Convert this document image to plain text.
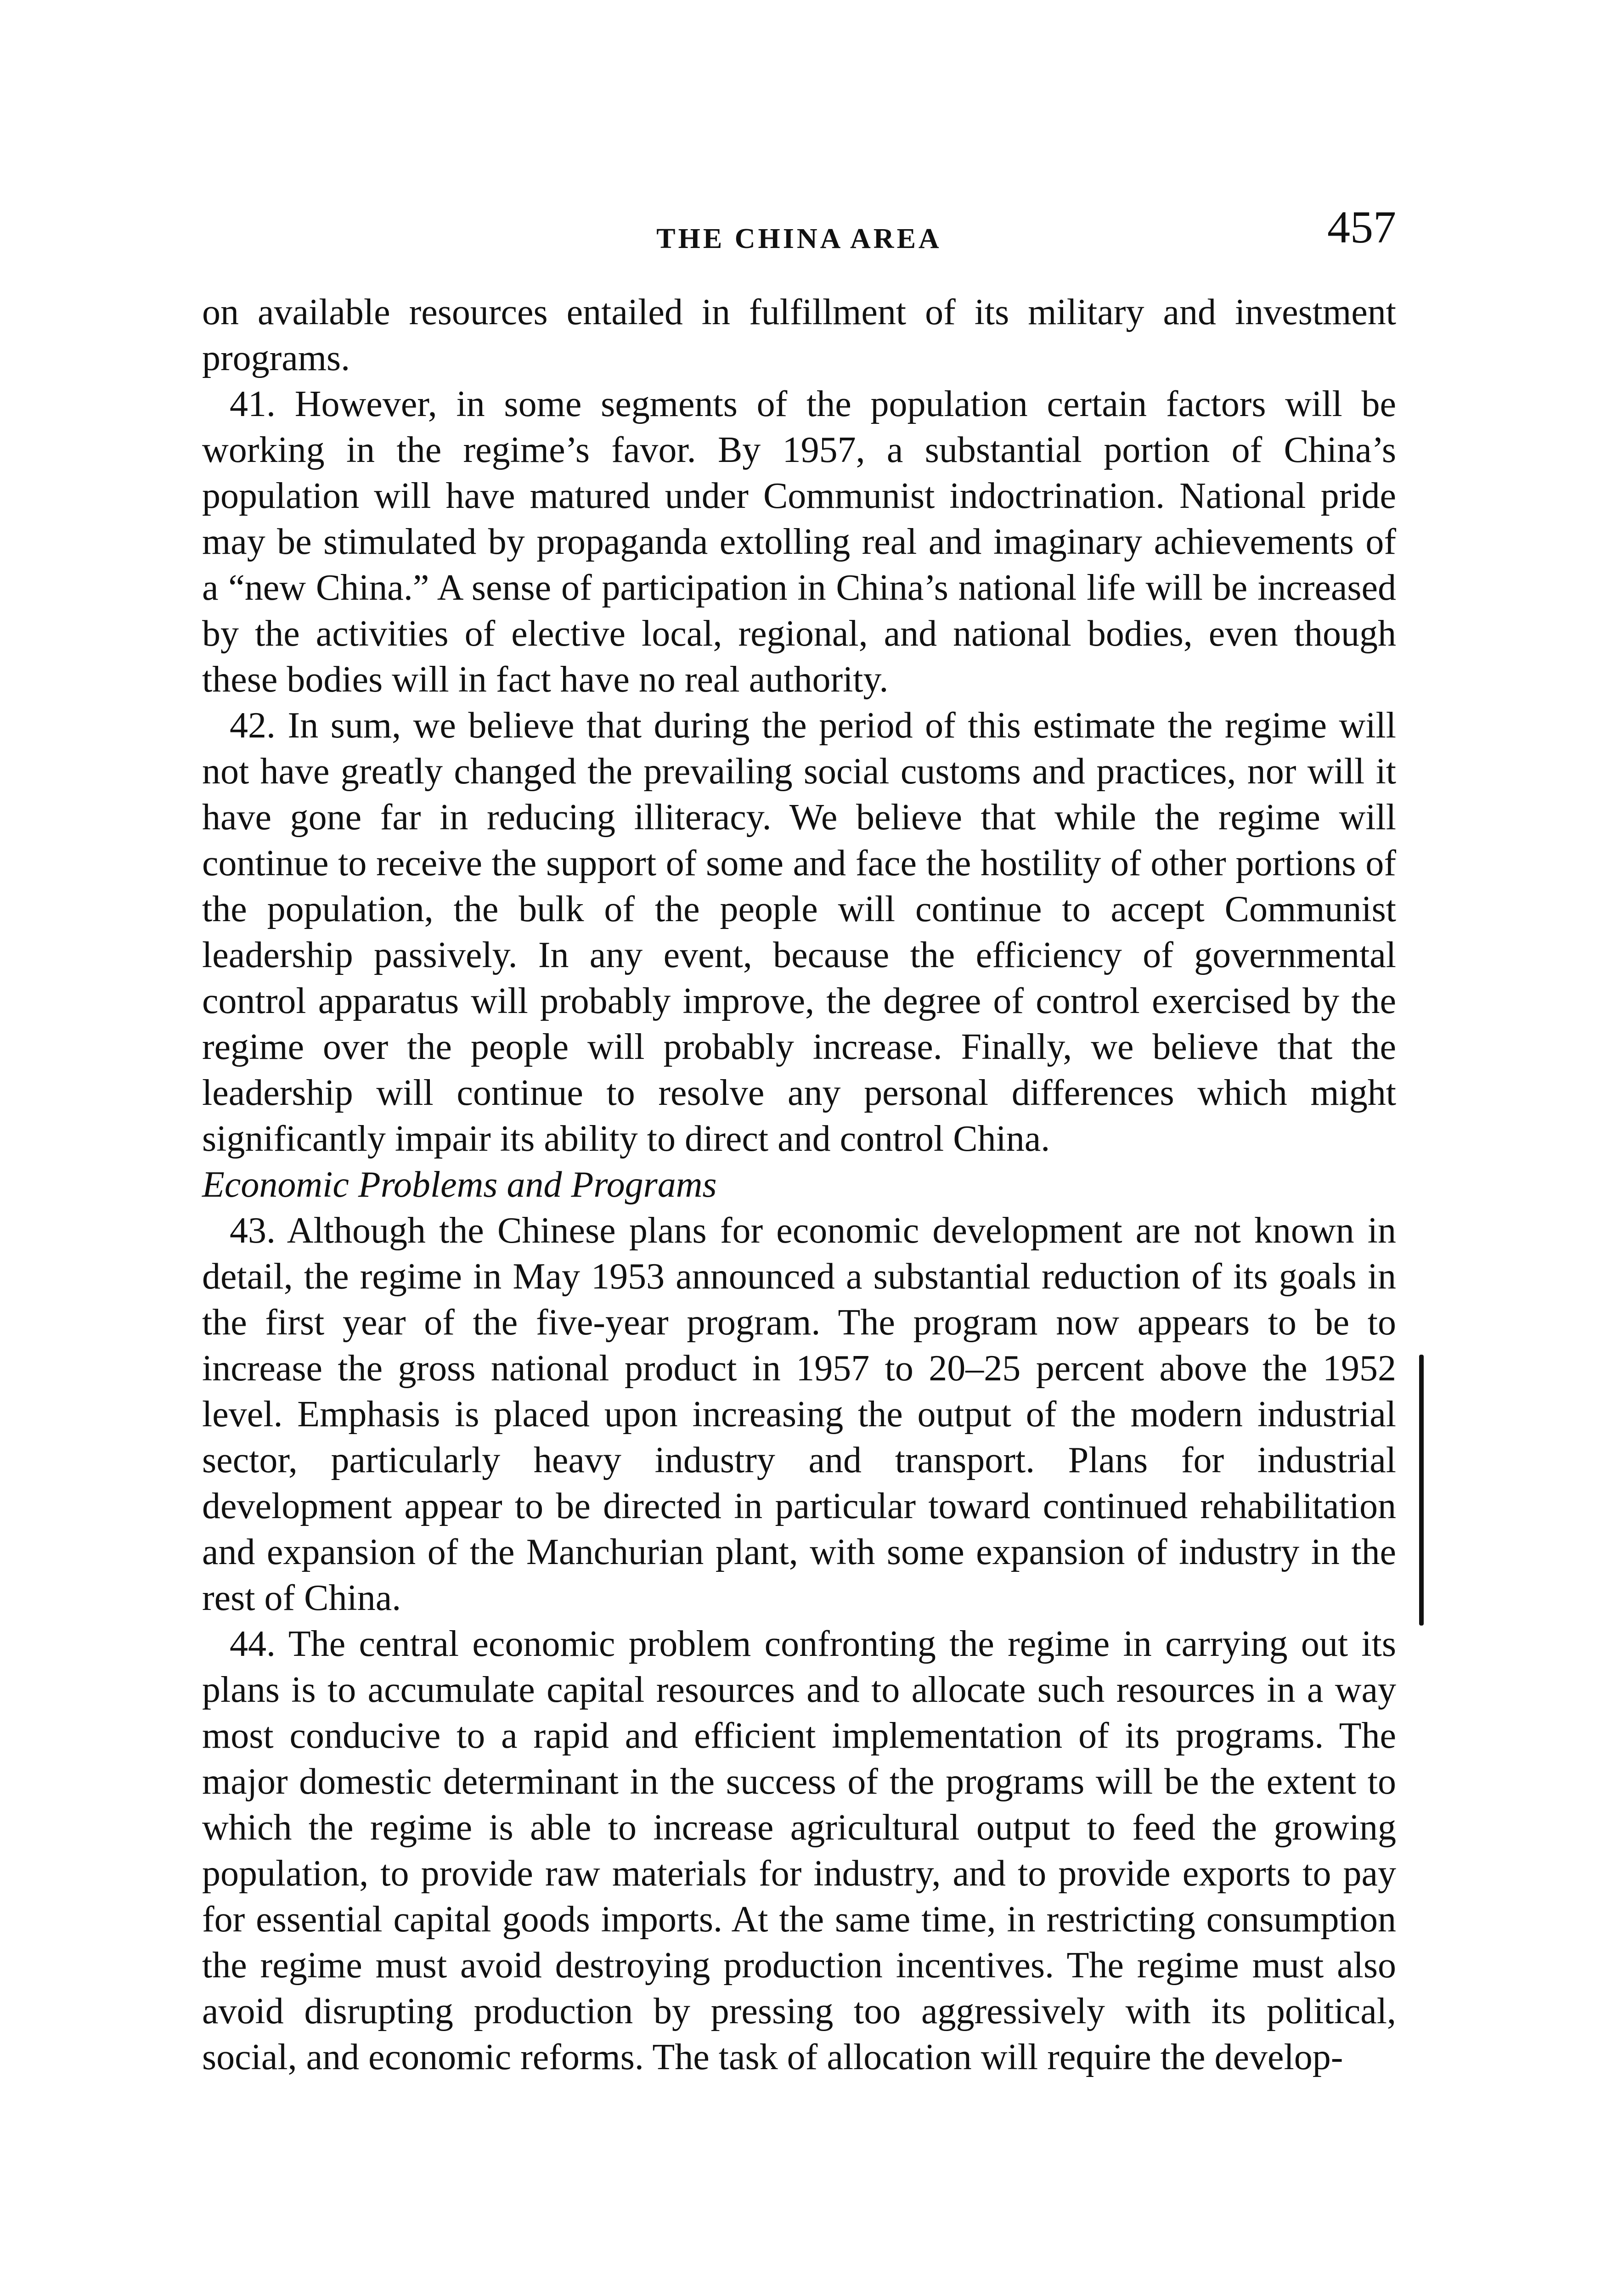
THE CHINA AREA	457

on available resources entailed in fulfillment of its military and investment programs.

41. However, in some segments of the population certain factors will be working in the regime’s favor. By 1957, a substantial portion of China’s population will have matured under Communist indoctrination. National pride may be stimulated by propaganda extolling real and imaginary achievements of a “new China.” A sense of participation in China’s national life will be increased by the activities of elective local, regional, and national bodies, even though these bodies will in fact have no real authority.

42. In sum, we believe that during the period of this estimate the regime will not have greatly changed the prevailing social customs and practices, nor will it have gone far in reducing illiteracy. We believe that while the regime will continue to receive the support of some and face the hostility of other portions of the population, the bulk of the people will continue to accept Communist leadership passively. In any event, because the efficiency of governmental control apparatus will probably improve, the degree of control exercised by the regime over the people will probably increase. Finally, we believe that the leadership will continue to resolve any personal differences which might significantly impair its ability to direct and control China.

Economic Problems and Programs

43. Although the Chinese plans for economic development are not known in detail, the regime in May 1953 announced a substantial reduction of its goals in the first year of the five-year program. The program now appears to be to increase the gross national product in 1957 to 20–25 percent above the 1952 level. Emphasis is placed upon increasing the output of the modern industrial sector, particularly heavy industry and transport. Plans for industrial development appear to be directed in particular toward continued rehabilitation and expansion of the Manchurian plant, with some expansion of industry in the rest of China.

44. The central economic problem confronting the regime in carrying out its plans is to accumulate capital resources and to allocate such resources in a way most conducive to a rapid and efficient implementation of its programs. The major domestic determinant in the success of the programs will be the extent to which the regime is able to increase agricultural output to feed the growing population, to provide raw materials for industry, and to provide exports to pay for essential capital goods imports. At the same time, in restricting consumption the regime must avoid destroying production incentives. The regime must also avoid disrupting production by pressing too aggressively with its political, social, and economic reforms. The task of allocation will require the develop-
